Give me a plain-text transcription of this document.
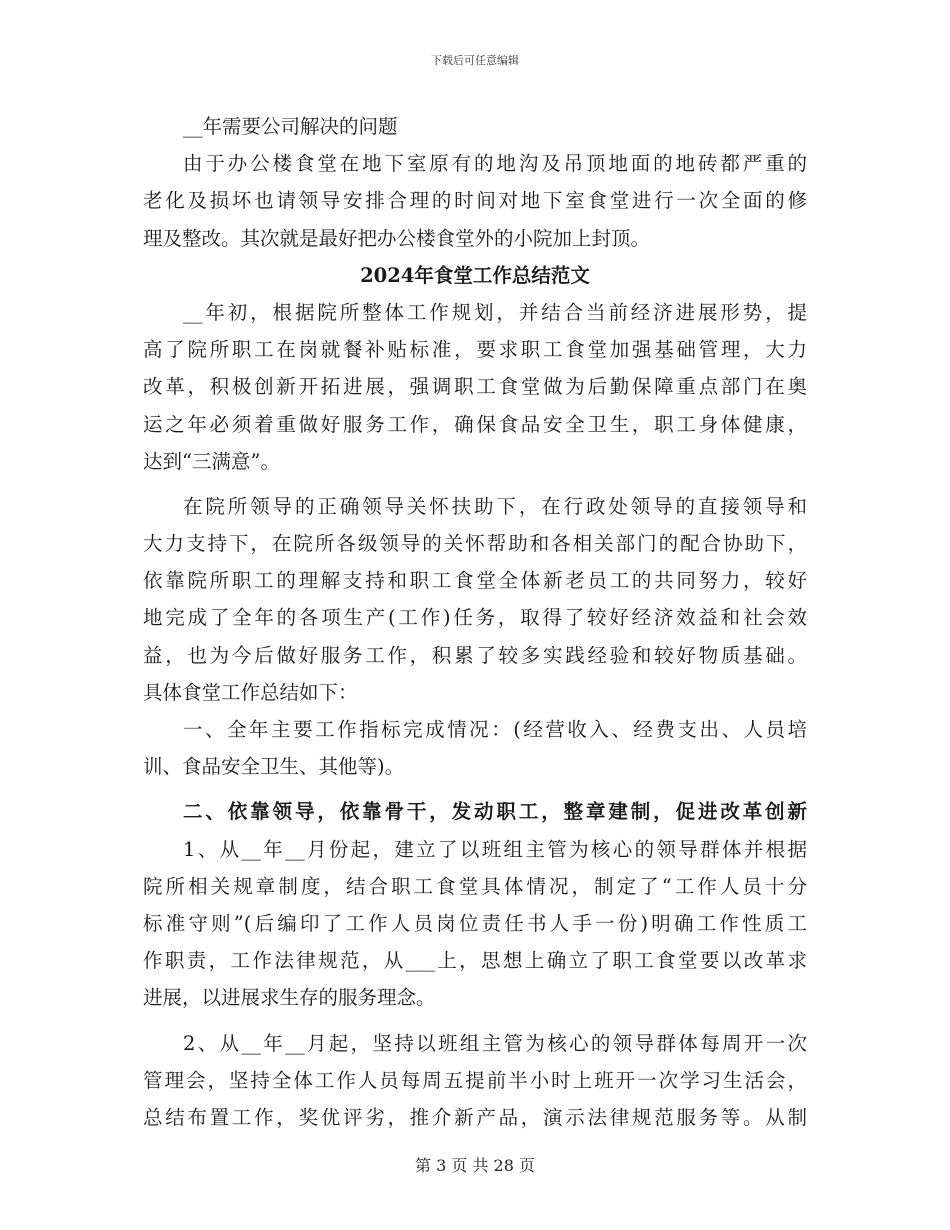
下载后可任意编辑
__年需要公司解决的问题
由于办公楼食堂在地下室原有的地沟及吊顶地面的地砖都严重的
老化及损坏也请领导安排合理的时间对地下室食堂进行一次全面的修
理及整改。其次就是最好把办公楼食堂外的小院加上封顶。
2024年食堂工作总结范文
__年初，根据院所整体工作规划，并结合当前经济进展形势，提
高了院所职工在岗就餐补贴标准，要求职工食堂加强基础管理，大力
改革，积极创新开拓进展，强调职工食堂做为后勤保障重点部门在奥
运之年必须着重做好服务工作，确保食品安全卫生，职工身体健康，
达到“三满意”。
在院所领导的正确领导关怀扶助下，在行政处领导的直接领导和
大力支持下，在院所各级领导的关怀帮助和各相关部门的配合协助下，
依靠院所职工的理解支持和职工食堂全体新老员工的共同努力，较好
地完成了全年的各项生产(工作)任务，取得了较好经济效益和社会效
益，也为今后做好服务工作，积累了较多实践经验和较好物质基础。
具体食堂工作总结如下：
一、全年主要工作指标完成情况：(经营收入、经费支出、人员培
训、食品安全卫生、其他等)。
二、依靠领导，依靠骨干，发动职工，整章建制，促进改革创新
1、从__年__月份起，建立了以班组主管为核心的领导群体并根据
院所相关规章制度，结合职工食堂具体情况，制定了“工作人员十分
标准守则”(后编印了工作人员岗位责任书人手一份)明确工作性质工
作职责，工作法律规范，从___上，思想上确立了职工食堂要以改革求
进展，以进展求生存的服务理念。
2、从__年__月起，坚持以班组主管为核心的领导群体每周开一次
管理会，坚持全体工作人员每周五提前半小时上班开一次学习生活会，
总结布置工作，奖优评劣，推介新产品，演示法律规范服务等。从制
第 3 页 共 28 页
